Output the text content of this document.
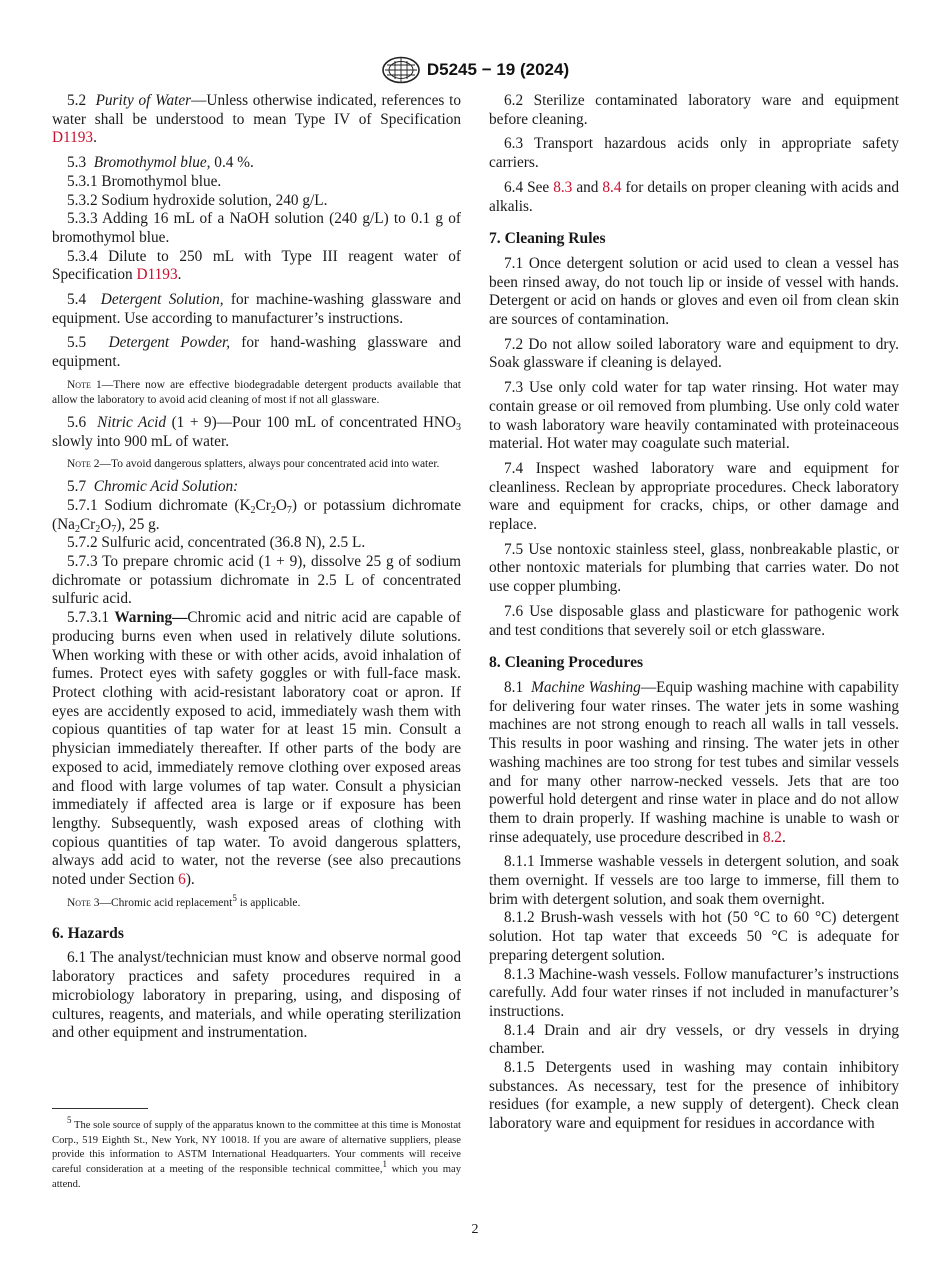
D5245 − 19 (2024)

5.2 Purity of Water—Unless otherwise indicated, references to water shall be understood to mean Type IV of Specification D1193.

5.3 Bromothymol blue, 0.4 %.

5.3.1 Bromothymol blue.

5.3.2 Sodium hydroxide solution, 240 g/L.

5.3.3 Adding 16 mL of a NaOH solution (240 g/L) to 0.1 g of bromothymol blue.

5.3.4 Dilute to 250 mL with Type III reagent water of Specification D1193.

5.4 Detergent Solution, for machine-washing glassware and equipment. Use according to manufacturer’s instructions.

5.5 Detergent Powder, for hand-washing glassware and equipment.

Note 1—There now are effective biodegradable detergent products available that allow the laboratory to avoid acid cleaning of most if not all glassware.

5.6 Nitric Acid (1 + 9)—Pour 100 mL of concentrated $HNO_3$ slowly into 900 mL of water.

Note 2—To avoid dangerous splatters, always pour concentrated acid into water.

5.7 Chromic Acid Solution:

5.7.1 Sodium dichromate $(K_2Cr_2O_7)$ or potassium dichromate $(Na_2Cr_2O_7)$, 25 g.

5.7.2 Sulfuric acid, concentrated (36.8 N), 2.5 L.

5.7.3 To prepare chromic acid (1 + 9), dissolve 25 g of sodium dichromate or potassium dichromate in 2.5 L of concentrated sulfuric acid.

5.7.3.1 Warning—Chromic acid and nitric acid are capable of producing burns even when used in relatively dilute solutions. When working with these or with other acids, avoid inhalation of fumes. Protect eyes with safety goggles or with full-face mask. Protect clothing with acid-resistant laboratory coat or apron. If eyes are accidently exposed to acid, immediately wash them with copious quantities of tap water for at least 15 min. Consult a physician immediately thereafter. If other parts of the body are exposed to acid, immediately remove clothing over exposed areas and flood with large volumes of tap water. Consult a physician immediately if affected area is large or if exposure has been lengthy. Subsequently, wash exposed areas of clothing with copious quantities of tap water. To avoid dangerous splatters, always add acid to water, not the reverse (see also precautions noted under Section 6).

Note 3—Chromic acid replacement$^5$ is applicable.

6. Hazards

6.1 The analyst/technician must know and observe normal good laboratory practices and safety procedures required in a microbiology laboratory in preparing, using, and disposing of cultures, reagents, and materials, and while operating sterilization and other equipment and instrumentation.

$^5$ The sole source of supply of the apparatus known to the committee at this time is Monostat Corp., 519 Eighth St., New York, NY 10018. If you are aware of alternative suppliers, please provide this information to ASTM International Headquarters. Your comments will receive careful consideration at a meeting of the responsible technical committee,$^1$ which you may attend.

6.2 Sterilize contaminated laboratory ware and equipment before cleaning.

6.3 Transport hazardous acids only in appropriate safety carriers.

6.4 See 8.3 and 8.4 for details on proper cleaning with acids and alkalis.

7. Cleaning Rules

7.1 Once detergent solution or acid used to clean a vessel has been rinsed away, do not touch lip or inside of vessel with hands. Detergent or acid on hands or gloves and even oil from clean skin are sources of contamination.

7.2 Do not allow soiled laboratory ware and equipment to dry. Soak glassware if cleaning is delayed.

7.3 Use only cold water for tap water rinsing. Hot water may contain grease or oil removed from plumbing. Use only cold water to wash laboratory ware heavily contaminated with proteinaceous material. Hot water may coagulate such material.

7.4 Inspect washed laboratory ware and equipment for cleanliness. Reclean by appropriate procedures. Check laboratory ware and equipment for cracks, chips, or other damage and replace.

7.5 Use nontoxic stainless steel, glass, nonbreakable plastic, or other nontoxic materials for plumbing that carries water. Do not use copper plumbing.

7.6 Use disposable glass and plasticware for pathogenic work and test conditions that severely soil or etch glassware.

8. Cleaning Procedures

8.1 Machine Washing—Equip washing machine with capability for delivering four water rinses. The water jets in some washing machines are not strong enough to reach all walls in tall vessels. This results in poor washing and rinsing. The water jets in other washing machines are too strong for test tubes and similar vessels and for many other narrow-necked vessels. Jets that are too powerful hold detergent and rinse water in place and do not allow them to drain properly. If washing machine is unable to wash or rinse adequately, use procedure described in 8.2.

8.1.1 Immerse washable vessels in detergent solution, and soak them overnight. If vessels are too large to immerse, fill them to brim with detergent solution, and soak them overnight.

8.1.2 Brush-wash vessels with hot (50 °C to 60 °C) detergent solution. Hot tap water that exceeds 50 °C is adequate for preparing detergent solution.

8.1.3 Machine-wash vessels. Follow manufacturer’s instructions carefully. Add four water rinses if not included in manufacturer’s instructions.

8.1.4 Drain and air dry vessels, or dry vessels in drying chamber.

8.1.5 Detergents used in washing may contain inhibitory substances. As necessary, test for the presence of inhibitory residues (for example, a new supply of detergent). Check clean laboratory ware and equipment for residues in accordance with

2
